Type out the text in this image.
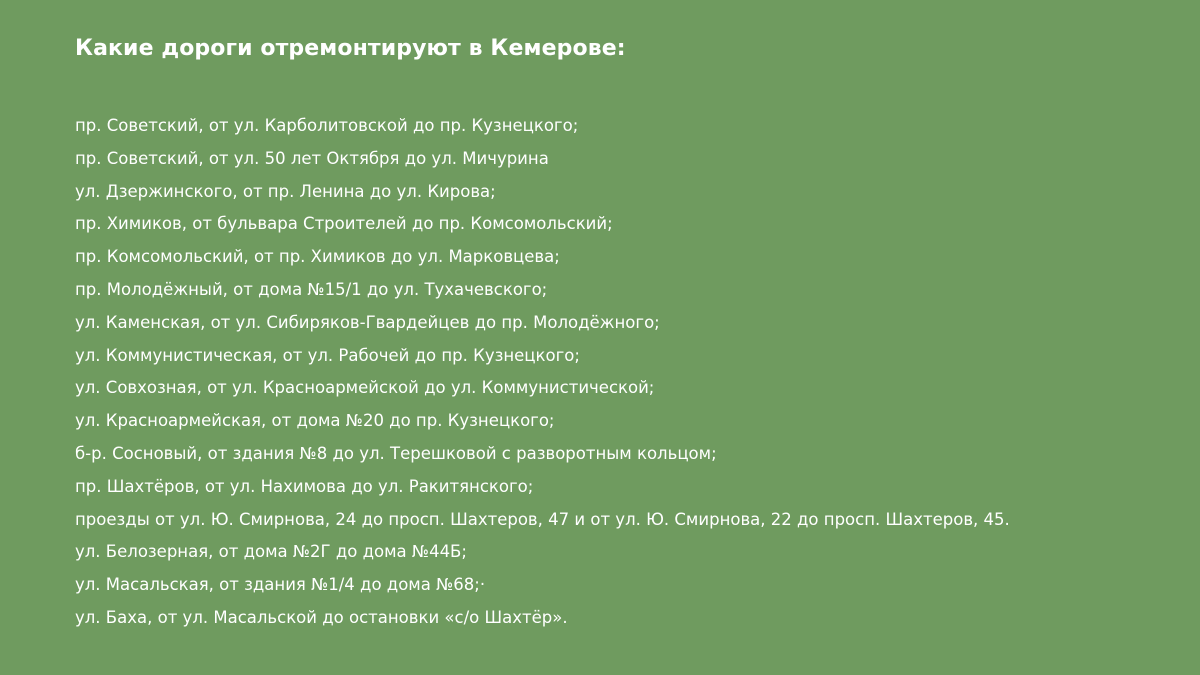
Какие дороги отремонтируют в Кемерове:
пр. Советский, от ул. Карболитовской до пр. Кузнецкого;
пр. Советский, от ул. 50 лет Октября до ул. Мичурина
ул. Дзержинского, от пр. Ленина до ул. Кирова;
пр. Химиков, от бульвара Строителей до пр. Комсомольский;
пр. Комсомольский, от пр. Химиков до ул. Марковцева;
пр. Молодёжный, от дома №15/1 до ул. Тухачевского;
ул. Каменская, от ул. Сибиряков-Гвардейцев до пр. Молодёжного;
ул. Коммунистическая, от ул. Рабочей до пр. Кузнецкого;
ул. Совхозная, от ул. Красноармейской до ул. Коммунистической;
ул. Красноармейская, от дома №20 до пр. Кузнецкого;
б-р. Сосновый, от здания №8 до ул. Терешковой с разворотным кольцом;
пр. Шахтёров, от ул. Нахимова до ул. Ракитянского;
проезды от ул. Ю. Смирнова, 24 до просп. Шахтеров, 47 и от ул. Ю. Смирнова, 22 до просп. Шахтеров, 45.
ул. Белозерная, от дома №2Г до дома №44Б;
ул. Масальская, от здания №1/4 до дома №68;·
ул. Баха, от ул. Масальской до остановки «с/о Шахтёр».
